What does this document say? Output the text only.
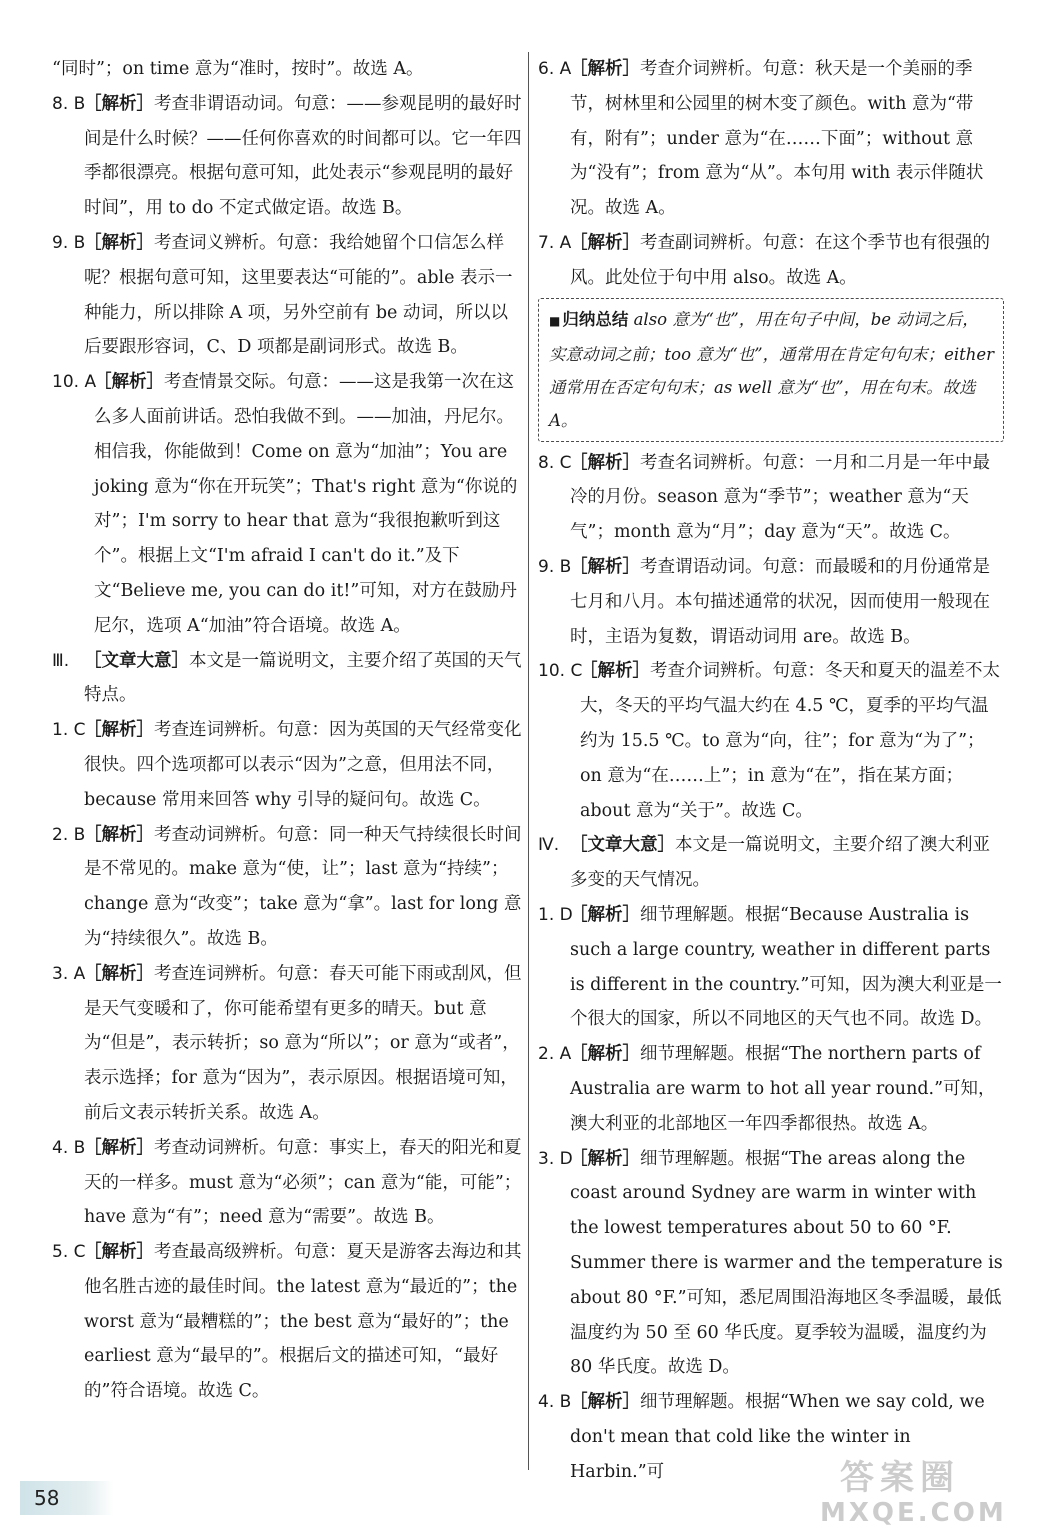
“同时”；on time 意为“准时，按时”。故选 A。

8. B
［解析］考查非谓语动词。句意：——参观昆明的最好时间是什么时候？——任何你喜欢的时间都可以。它一年四季都很漂亮。根据句意可知，此处表示“参观昆明的最好时间”，用 to do 不定式做定语。故选 B。

9. B
［解析］考查词义辨析。句意：我给她留个口信怎么样呢？根据句意可知，这里要表达“可能的”。able 表示一种能力，所以排除 A 项，另外空前有 be 动词，所以以后要跟形容词，C、D 项都是副词形式。故选 B。

10. A
［解析］考查情景交际。句意：——这是我第一次在这么多人面前讲话。恐怕我做不到。——加油，丹尼尔。相信我，你能做到！Come on 意为“加油”；You are joking 意为“你在开玩笑”；That's right 意为“你说的对”；I'm sorry to hear that 意为“我很抱歉听到这个”。根据上文“I'm afraid I can't do it.”及下文“Believe me, you can do it!”可知，对方在鼓励丹尼尔，选项 A“加油”符合语境。故选 A。

Ⅲ. ［文章大意］本文是一篇说明文，主要介绍了英国的天气特点。

1. C
［解析］考查连词辨析。句意：因为英国的天气经常变化很快。四个选项都可以表示“因为”之意，但用法不同，because 常用来回答 why 引导的疑问句。故选 C。

2. B
［解析］考查动词辨析。句意：同一种天气持续很长时间是不常见的。make 意为“使，让”；last 意为“持续”；change 意为“改变”；take 意为“拿”。last for long 意为“持续很久”。故选 B。

3. A
［解析］考查连词辨析。句意：春天可能下雨或刮风，但是天气变暖和了，你可能希望有更多的晴天。but 意为“但是”，表示转折；so 意为“所以”；or 意为“或者”，表示选择；for 意为“因为”，表示原因。根据语境可知，前后文表示转折关系。故选 A。

4. B
［解析］考查动词辨析。句意：事实上，春天的阳光和夏天的一样多。must 意为“必须”；can 意为“能，可能”；have 意为“有”；need 意为“需要”。故选 B。

5. C
［解析］考查最高级辨析。句意：夏天是游客去海边和其他名胜古迹的最佳时间。the latest 意为“最近的”；the worst 意为“最糟糕的”；the best 意为“最好的”；the earliest 意为“最早的”。根据后文的描述可知，“最好的”符合语境。故选 C。

6. A
［解析］考查介词辨析。句意：秋天是一个美丽的季节，树林里和公园里的树木变了颜色。with 意为“带有，附有”；under 意为“在……下面”；without 意为“没有”；from 意为“从”。本句用 with 表示伴随状况。故选 A。

7. A
［解析］考查副词辨析。句意：在这个季节也有很强的风。此处位于句中用 also。故选 A。

■ 归纳总结 also 意为“也”，用在句子中间，be 动词之后，实意动词之前；too 意为“也”，通常用在肯定句句末；either 通常用在否定句句末；as well 意为“也”，用在句末。故选 A。

8. C
［解析］考查名词辨析。句意：一月和二月是一年中最冷的月份。season 意为“季节”；weather 意为“天气”；month 意为“月”；day 意为“天”。故选 C。

9. B
［解析］考查谓语动词。句意：而最暖和的月份通常是七月和八月。本句描述通常的状况，因而使用一般现在时，主语为复数，谓语动词用 are。故选 B。

10. C
［解析］考查介词辨析。句意：冬天和夏天的温差不太大，冬天的平均气温大约在 4.5 ℃，夏季的平均气温约为 15.5 ℃。to 意为“向，往”；for 意为“为了”；on 意为“在……上”；in 意为“在”，指在某方面；about 意为“关于”。故选 C。

Ⅳ. ［文章大意］本文是一篇说明文，主要介绍了澳大利亚多变的天气情况。

1. D
［解析］细节理解题。根据“Because Australia is such a large country, weather in different parts is different in the country.”可知，因为澳大利亚是一个很大的国家，所以不同地区的天气也不同。故选 D。

2. A
［解析］细节理解题。根据“The northern parts of Australia are warm to hot all year round.”可知，澳大利亚的北部地区一年四季都很热。故选 A。

3. D
［解析］细节理解题。根据“The areas along the coast around Sydney are warm in winter with the lowest temperatures about 50 to 60 °F. Summer there is warmer and the temperature is about 80 °F.”可知，悉尼周围沿海地区冬季温暖，最低温度约为 50 至 60 华氏度。夏季较为温暖，温度约为 80 华氏度。故选 D。

4. B
［解析］细节理解题。根据“When we say cold, we don't mean that cold like the winter in Harbin.”可

58	答案圈
MXQE.COM
